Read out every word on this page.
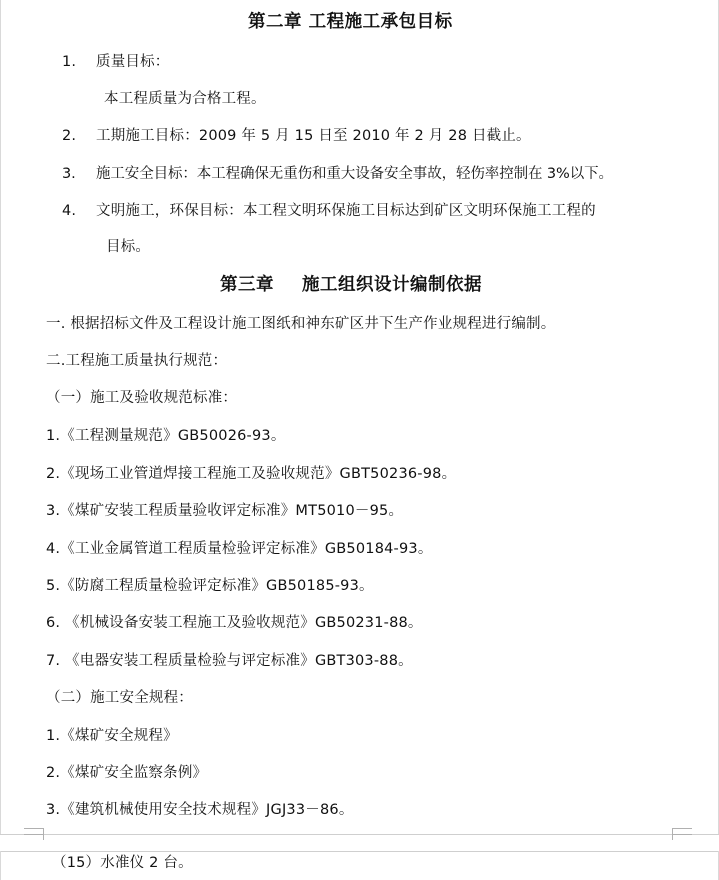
第二章 工程施工承包目标
1. 质量目标：
本工程质量为合格工程。
2. 工期施工目标：2009 年 5 月 15 日至 2010 年 2 月 28 日截止。
3. 施工安全目标：本工程确保无重伤和重大设备安全事故，轻伤率控制在 3%以下。
4. 文明施工，环保目标：本工程文明环保施工目标达到矿区文明环保施工工程的
目标。
第三章 施工组织设计编制依据
一. 根据招标文件及工程设计施工图纸和神东矿区井下生产作业规程进行编制。
二.工程施工质量执行规范：
（一）施工及验收规范标准：
1.《工程测量规范》GB50026-93。
2.《现场工业管道焊接工程施工及验收规范》GBT50236-98。
3.《煤矿安装工程质量验收评定标准》MT5010－95。
4.《工业金属管道工程质量检验评定标准》GB50184-93。
5.《防腐工程质量检验评定标准》GB50185-93。
6. 《机械设备安装工程施工及验收规范》GB50231-88。
7. 《电器安装工程质量检验与评定标准》GBT303-88。
（二）施工安全规程：
1.《煤矿安全规程》
2.《煤矿安全监察条例》
3.《建筑机械使用安全技术规程》JGJ33－86。
（15）水准仪 2 台。
